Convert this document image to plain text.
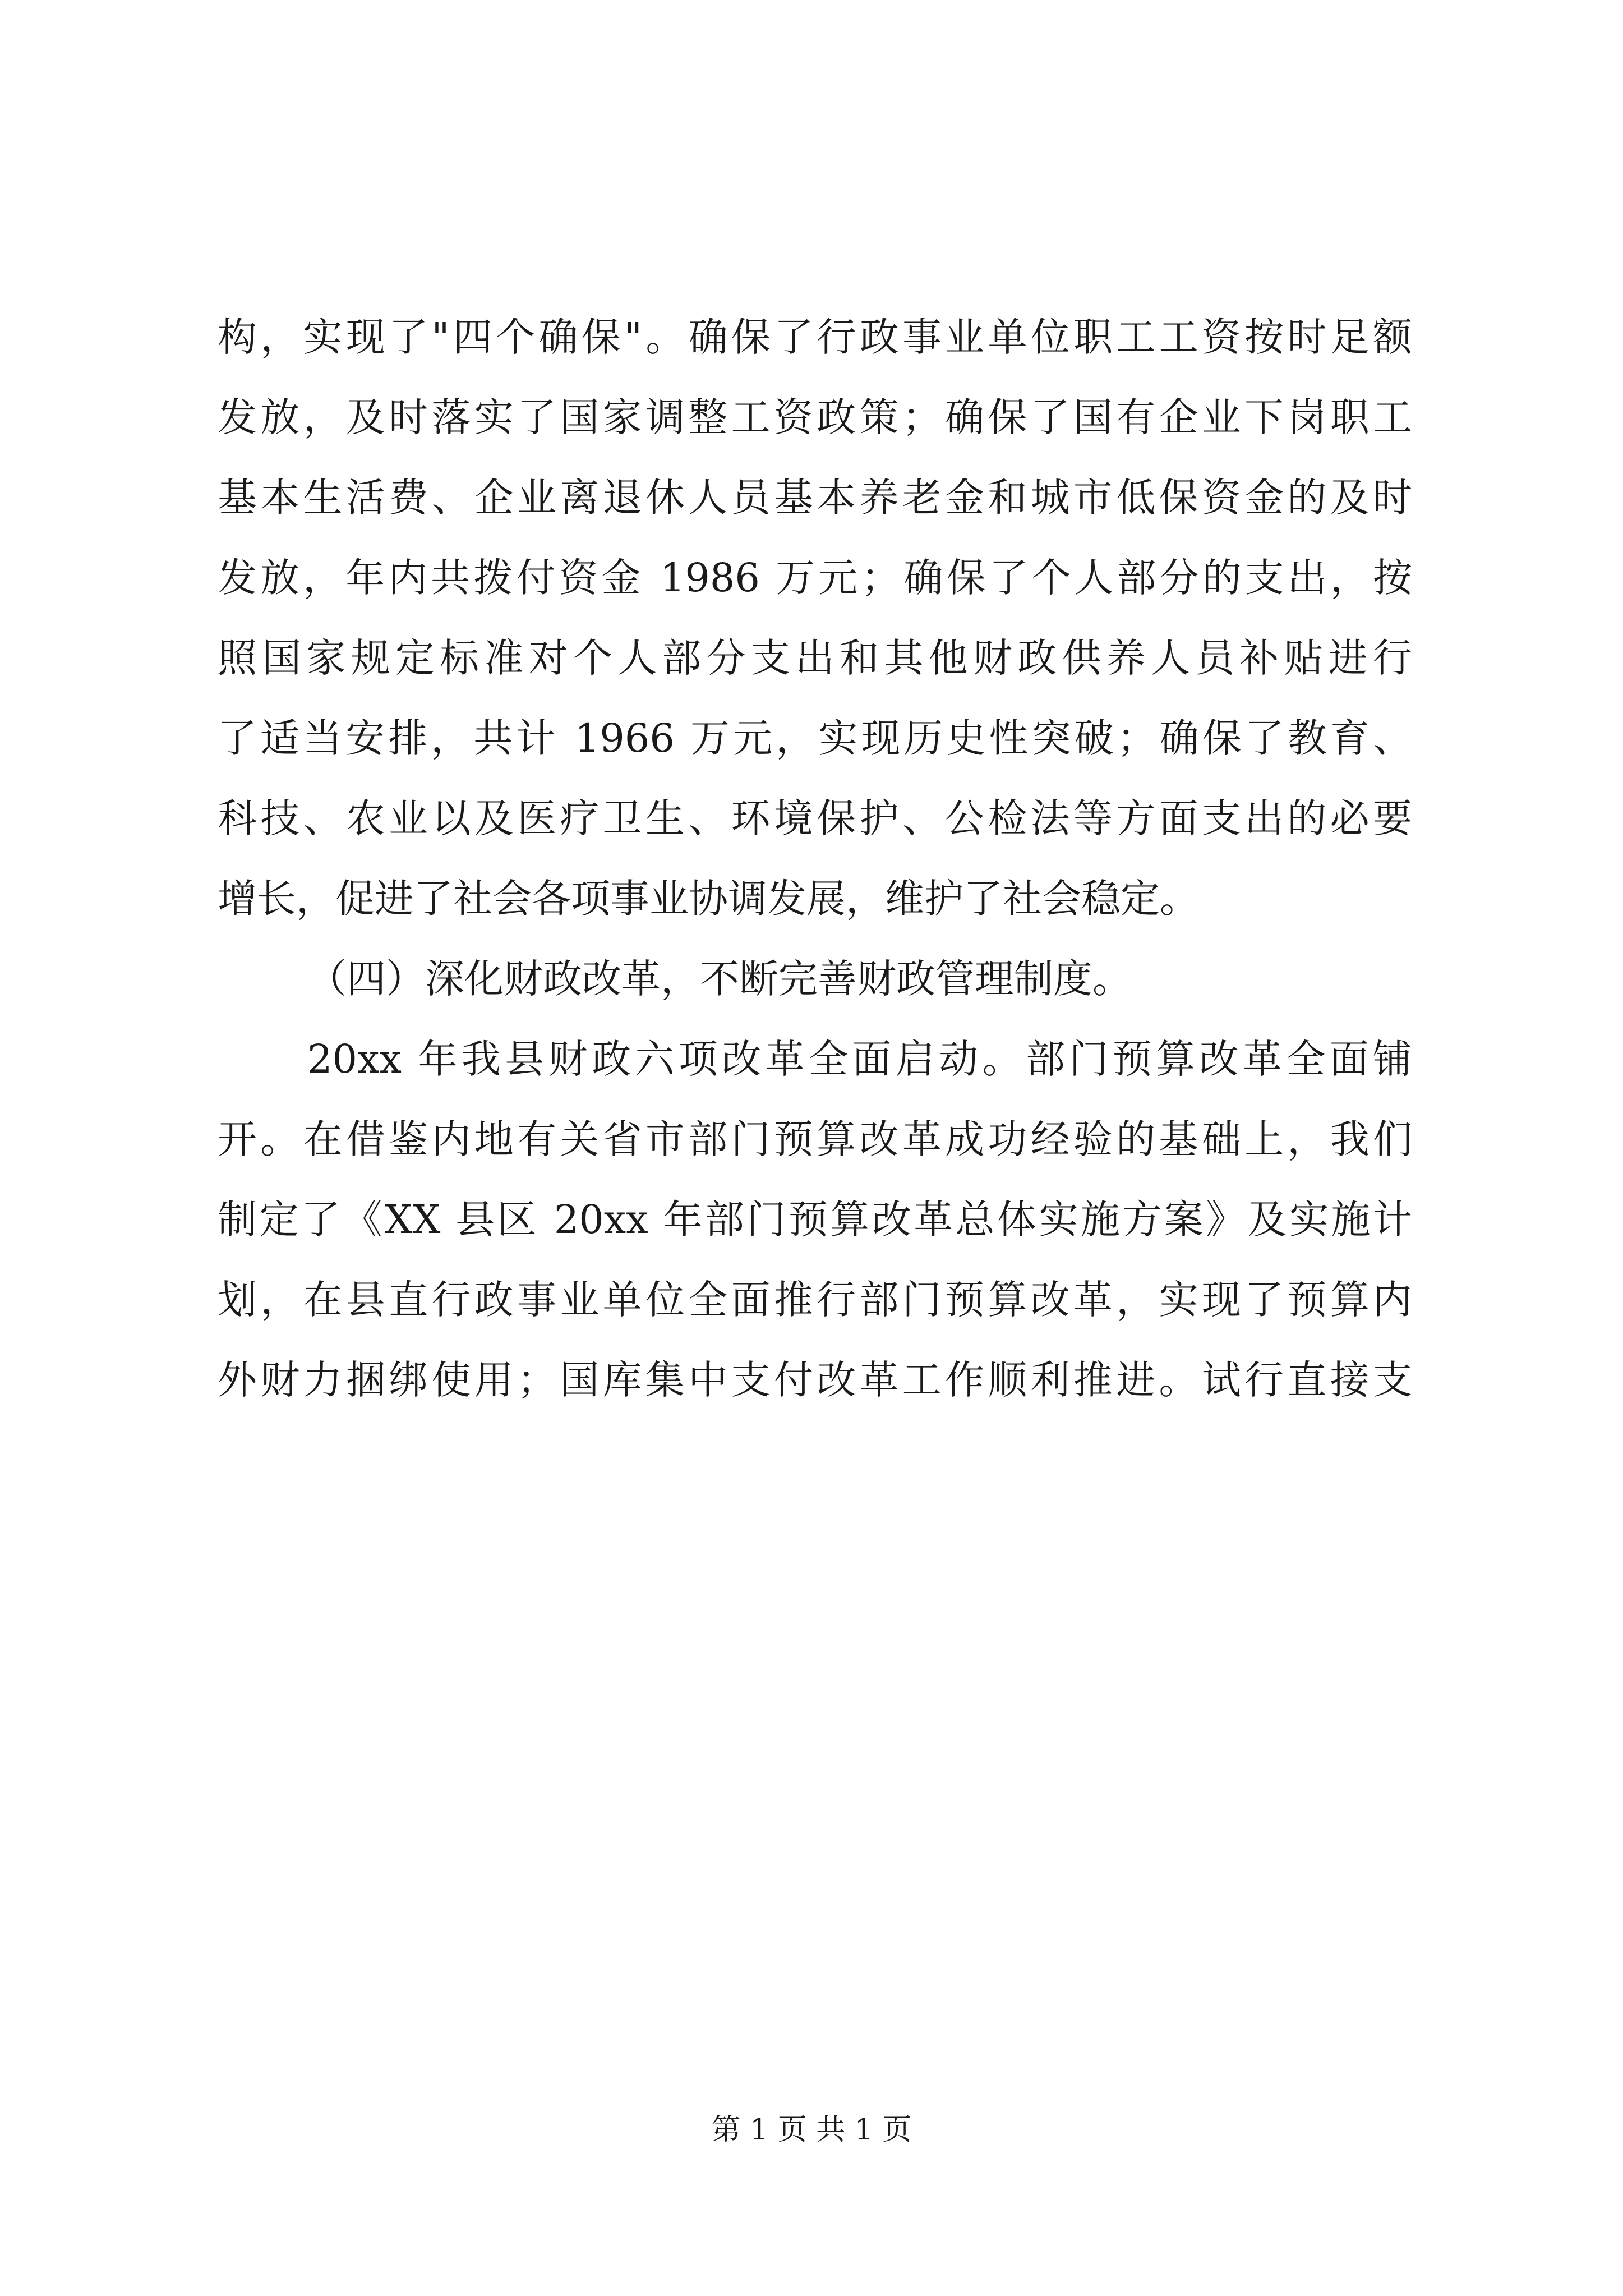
构，实现了"四个确保"。确保了行政事业单位职工工资按时足额
发放，及时落实了国家调整工资政策；确保了国有企业下岗职工
基本生活费、企业离退休人员基本养老金和城市低保资金的及时
发放，年内共拨付资金 1986 万元；确保了个人部分的支出，按
照国家规定标准对个人部分支出和其他财政供养人员补贴进行
了适当安排，共计 1966 万元，实现历史性突破；确保了教育、
科技、农业以及医疗卫生、环境保护、公检法等方面支出的必要
增长，促进了社会各项事业协调发展，维护了社会稳定。
（四）深化财政改革，不断完善财政管理制度。
20xx 年我县财政六项改革全面启动。部门预算改革全面铺
开。在借鉴内地有关省市部门预算改革成功经验的基础上，我们
制定了《XX 县区 20xx 年部门预算改革总体实施方案》及实施计
划，在县直行政事业单位全面推行部门预算改革，实现了预算内
外财力捆绑使用；国库集中支付改革工作顺利推进。试行直接支
第 1 页 共 1 页
